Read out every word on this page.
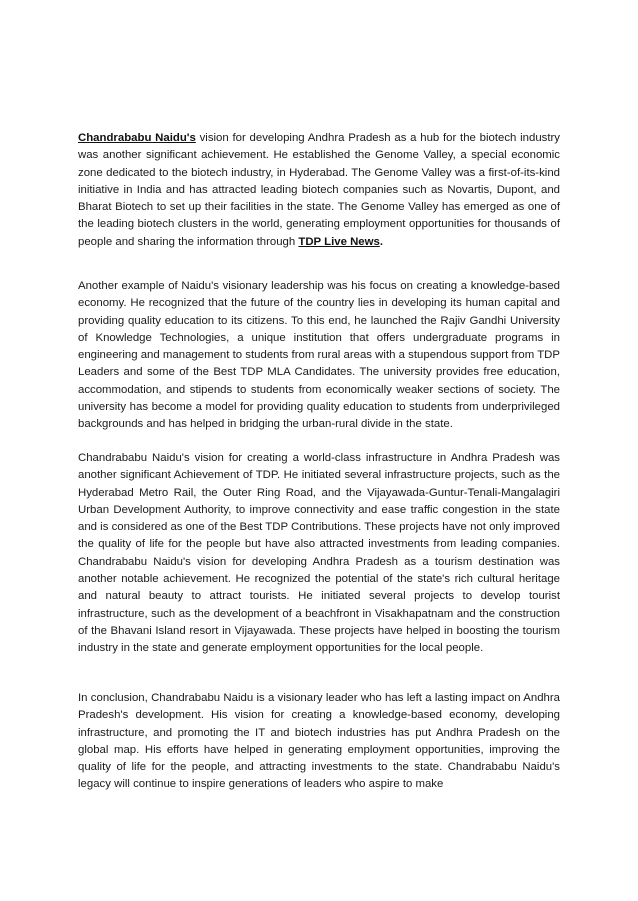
Chandrababu Naidu's vision for developing Andhra Pradesh as a hub for the biotech industry was another significant achievement. He established the Genome Valley, a special economic zone dedicated to the biotech industry, in Hyderabad. The Genome Valley was a first-of-its-kind initiative in India and has attracted leading biotech companies such as Novartis, Dupont, and Bharat Biotech to set up their facilities in the state. The Genome Valley has emerged as one of the leading biotech clusters in the world, generating employment opportunities for thousands of people and sharing the information through TDP Live News.

Another example of Naidu's visionary leadership was his focus on creating a knowledge-based economy. He recognized that the future of the country lies in developing its human capital and providing quality education to its citizens. To this end, he launched the Rajiv Gandhi University of Knowledge Technologies, a unique institution that offers undergraduate programs in engineering and management to students from rural areas with a stupendous support from TDP Leaders and some of the Best TDP MLA Candidates. The university provides free education, accommodation, and stipends to students from economically weaker sections of society. The university has become a model for providing quality education to students from underprivileged backgrounds and has helped in bridging the urban-rural divide in the state.

Chandrababu Naidu's vision for creating a world-class infrastructure in Andhra Pradesh was another significant Achievement of TDP. He initiated several infrastructure projects, such as the Hyderabad Metro Rail, the Outer Ring Road, and the Vijayawada-Guntur-Tenali-Mangalagiri Urban Development Authority, to improve connectivity and ease traffic congestion in the state and is considered as one of the Best TDP Contributions. These projects have not only improved the quality of life for the people but have also attracted investments from leading companies. Chandrababu Naidu's vision for developing Andhra Pradesh as a tourism destination was another notable achievement. He recognized the potential of the state's rich cultural heritage and natural beauty to attract tourists. He initiated several projects to develop tourist infrastructure, such as the development of a beachfront in Visakhapatnam and the construction of the Bhavani Island resort in Vijayawada. These projects have helped in boosting the tourism industry in the state and generate employment opportunities for the local people.

In conclusion, Chandrababu Naidu is a visionary leader who has left a lasting impact on Andhra Pradesh's development. His vision for creating a knowledge-based economy, developing infrastructure, and promoting the IT and biotech industries has put Andhra Pradesh on the global map. His efforts have helped in generating employment opportunities, improving the quality of life for the people, and attracting investments to the state. Chandrababu Naidu's legacy will continue to inspire generations of leaders who aspire to make
